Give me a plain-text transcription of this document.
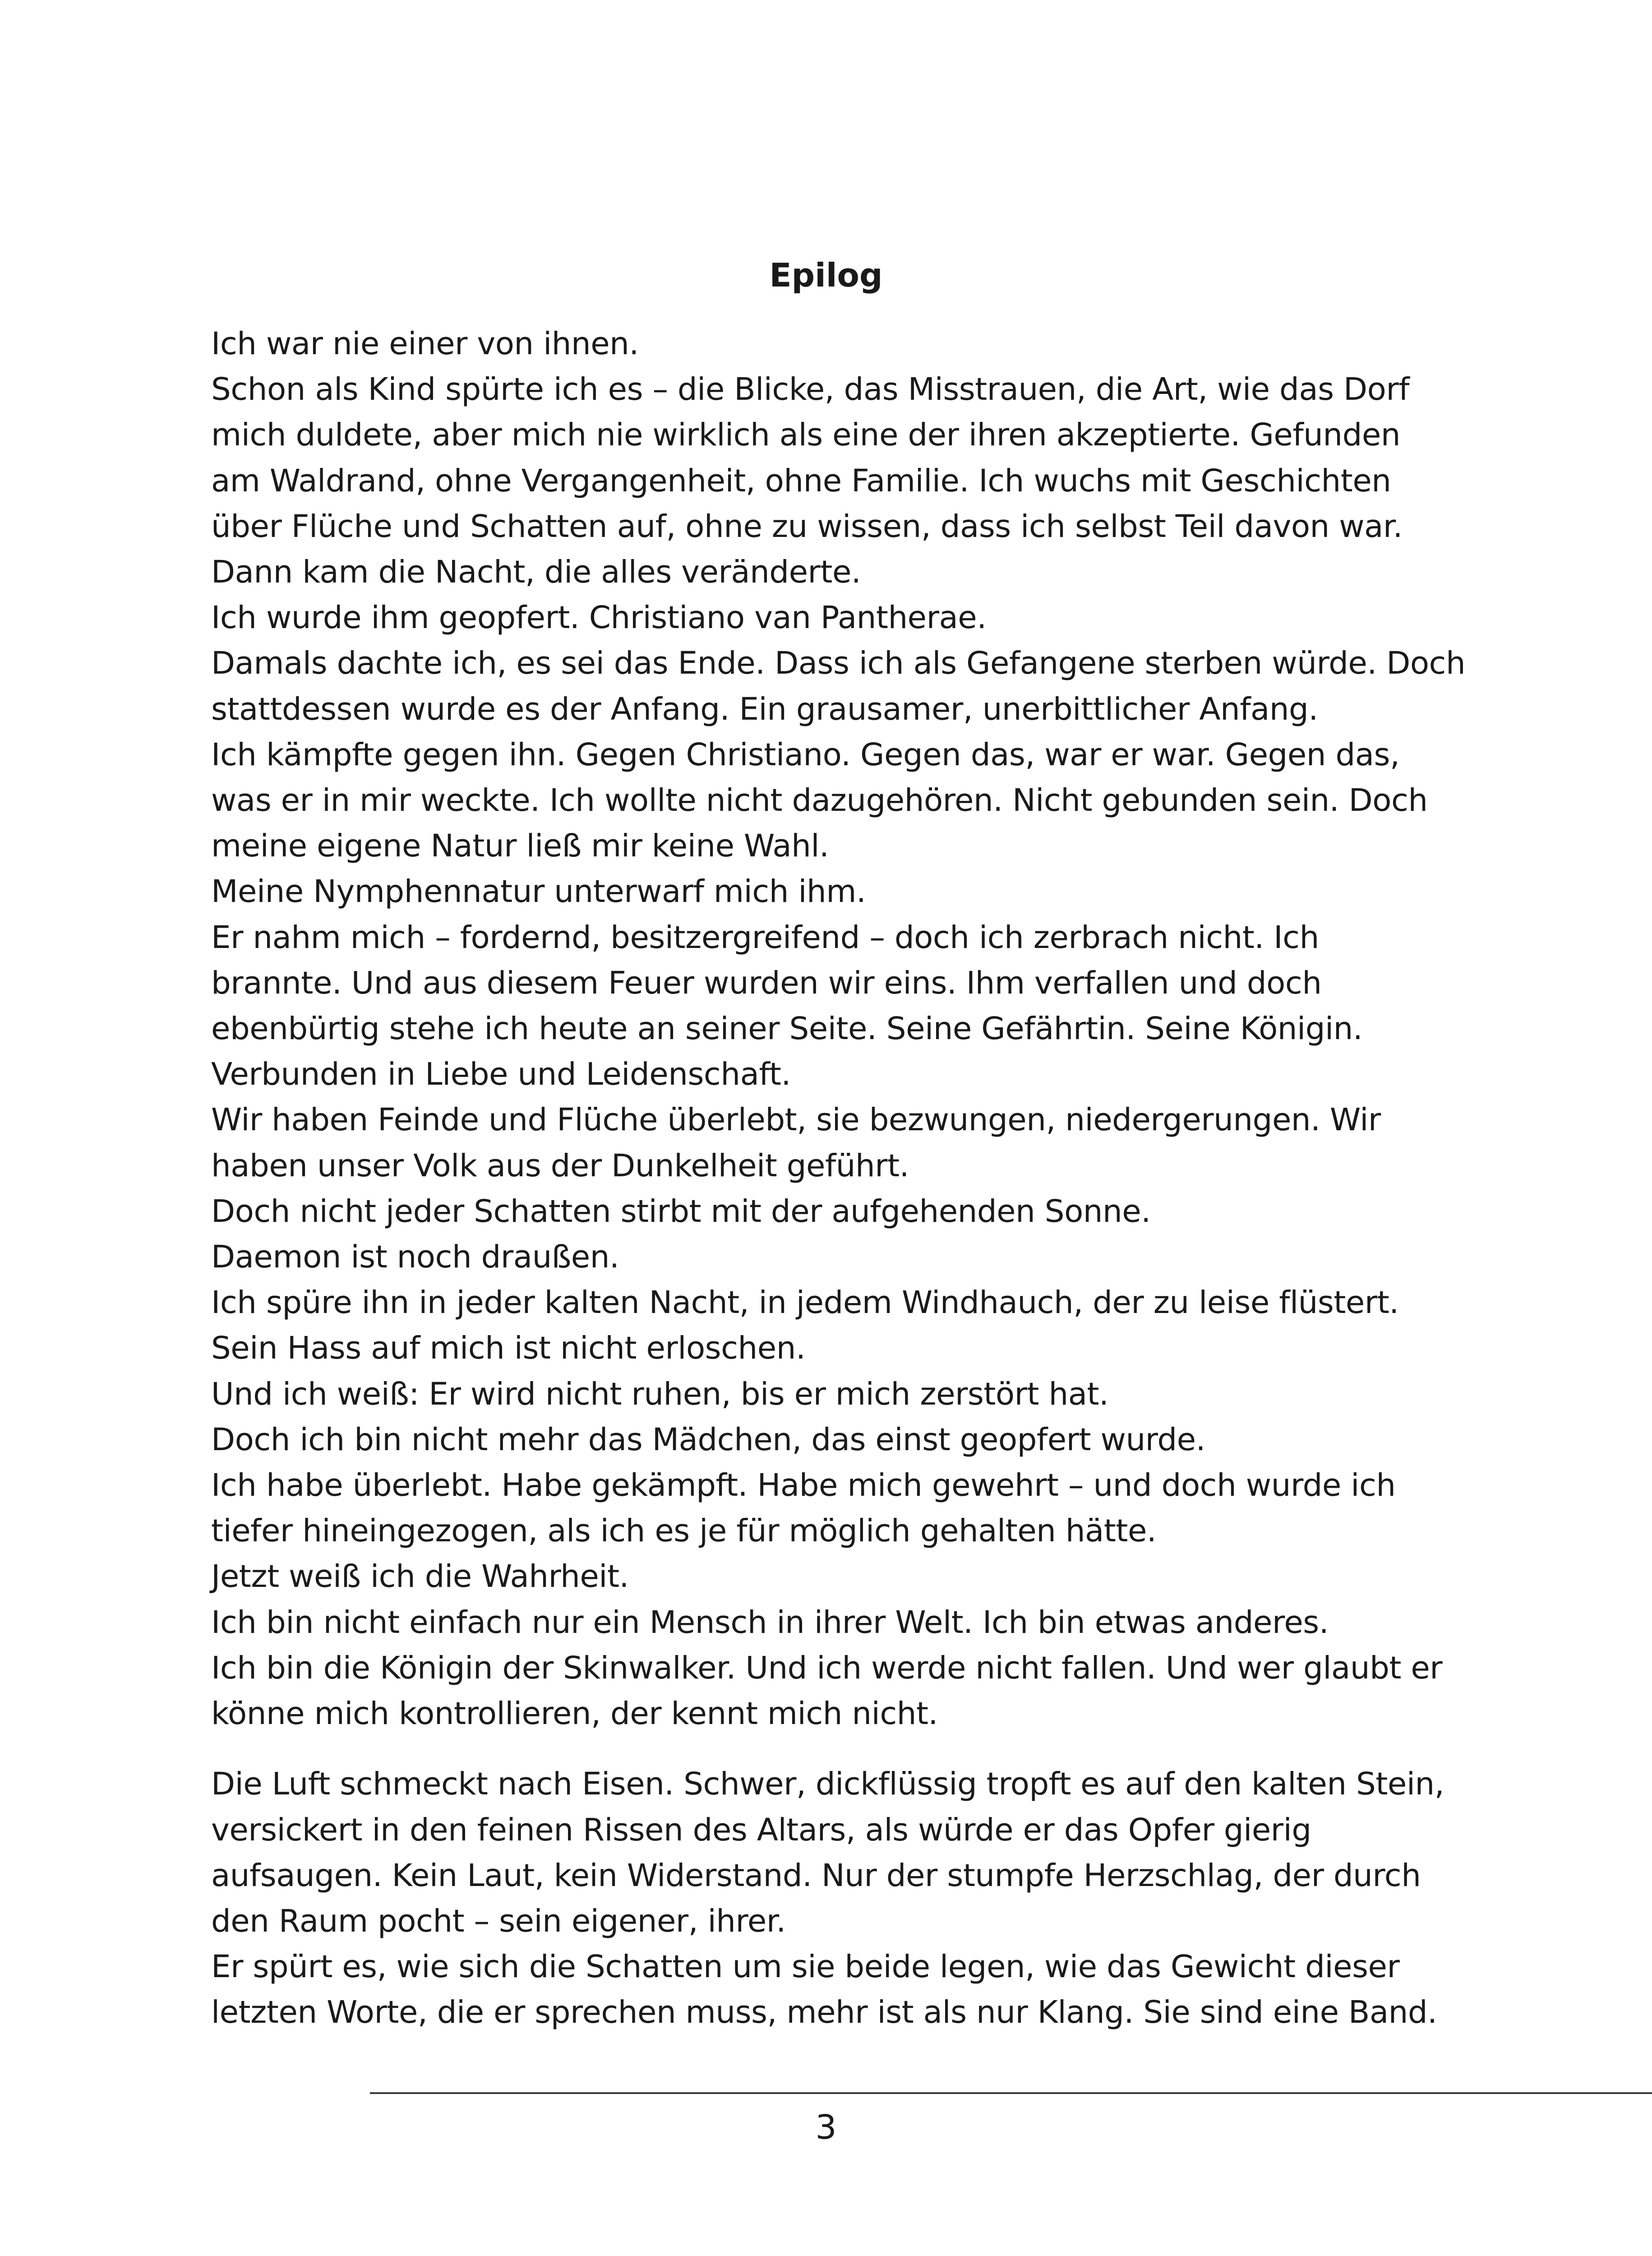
Epilog
Ich war nie einer von ihnen.
Schon als Kind spürte ich es – die Blicke, das Misstrauen, die Art, wie das Dorf
mich duldete, aber mich nie wirklich als eine der ihren akzeptierte. Gefunden
am Waldrand, ohne Vergangenheit, ohne Familie. Ich wuchs mit Geschichten
über Flüche und Schatten auf, ohne zu wissen, dass ich selbst Teil davon war.
Dann kam die Nacht, die alles veränderte.
Ich wurde ihm geopfert. Christiano van Pantherae.
Damals dachte ich, es sei das Ende. Dass ich als Gefangene sterben würde. Doch
stattdessen wurde es der Anfang. Ein grausamer, unerbittlicher Anfang.
Ich kämpfte gegen ihn. Gegen Christiano. Gegen das, war er war. Gegen das,
was er in mir weckte. Ich wollte nicht dazugehören. Nicht gebunden sein. Doch
meine eigene Natur ließ mir keine Wahl.
Meine Nymphennatur unterwarf mich ihm.
Er nahm mich – fordernd, besitzergreifend – doch ich zerbrach nicht. Ich
brannte. Und aus diesem Feuer wurden wir eins. Ihm verfallen und doch
ebenbürtig stehe ich heute an seiner Seite. Seine Gefährtin. Seine Königin.
Verbunden in Liebe und Leidenschaft.
Wir haben Feinde und Flüche überlebt, sie bezwungen, niedergerungen. Wir
haben unser Volk aus der Dunkelheit geführt.
Doch nicht jeder Schatten stirbt mit der aufgehenden Sonne.
Daemon ist noch draußen.
Ich spüre ihn in jeder kalten Nacht, in jedem Windhauch, der zu leise flüstert.
Sein Hass auf mich ist nicht erloschen.
Und ich weiß: Er wird nicht ruhen, bis er mich zerstört hat.
Doch ich bin nicht mehr das Mädchen, das einst geopfert wurde.
Ich habe überlebt. Habe gekämpft. Habe mich gewehrt – und doch wurde ich
tiefer hineingezogen, als ich es je für möglich gehalten hätte.
Jetzt weiß ich die Wahrheit.
Ich bin nicht einfach nur ein Mensch in ihrer Welt. Ich bin etwas anderes.
Ich bin die Königin der Skinwalker. Und ich werde nicht fallen. Und wer glaubt er
könne mich kontrollieren, der kennt mich nicht.
Die Luft schmeckt nach Eisen. Schwer, dickflüssig tropft es auf den kalten Stein,
versickert in den feinen Rissen des Altars, als würde er das Opfer gierig
aufsaugen. Kein Laut, kein Widerstand. Nur der stumpfe Herzschlag, der durch
den Raum pocht – sein eigener, ihrer.
Er spürt es, wie sich die Schatten um sie beide legen, wie das Gewicht dieser
letzten Worte, die er sprechen muss, mehr ist als nur Klang. Sie sind eine Band.
3
